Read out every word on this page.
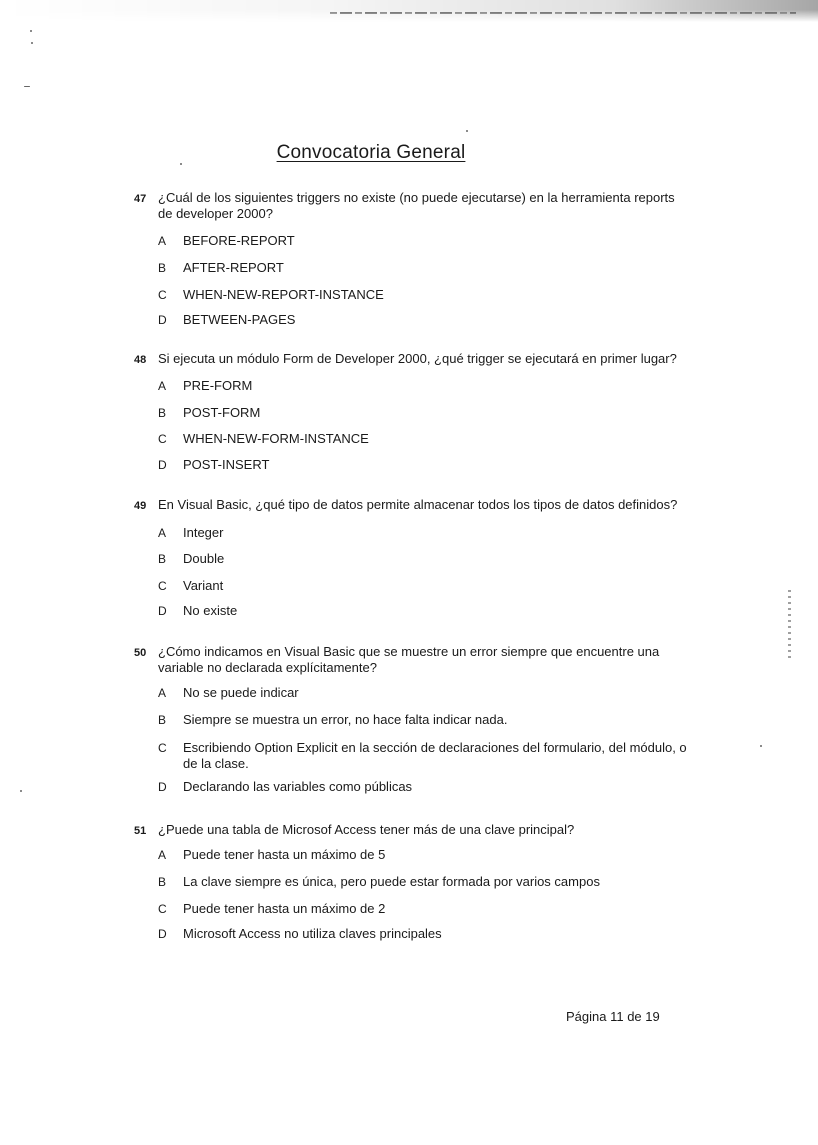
Convocatoria General
47 ¿Cuál de los siguientes triggers no existe (no puede ejecutarse) en la herramienta reports de developer 2000?
A BEFORE-REPORT
B AFTER-REPORT
C WHEN-NEW-REPORT-INSTANCE
D BETWEEN-PAGES
48 Si ejecuta un módulo Form de Developer 2000, ¿qué trigger se ejecutará en primer lugar?
A PRE-FORM
B POST-FORM
C WHEN-NEW-FORM-INSTANCE
D POST-INSERT
49 En Visual Basic, ¿qué tipo de datos permite almacenar todos los tipos de datos definidos?
A Integer
B Double
C Variant
D No existe
50 ¿Cómo indicamos en Visual Basic que se muestre un error siempre que encuentre una variable no declarada explícitamente?
A No se puede indicar
B Siempre se muestra un error, no hace falta indicar nada.
C Escribiendo Option Explicit en la sección de declaraciones del formulario, del módulo, o de la clase.
D Declarando las variables como públicas
51 ¿Puede una tabla de Microsof Access tener más de una clave principal?
A Puede tener hasta un máximo de 5
B La clave siempre es única, pero puede estar formada por varios campos
C Puede tener hasta un máximo de 2
D Microsoft Access no utiliza claves principales
Página 11 de 19
